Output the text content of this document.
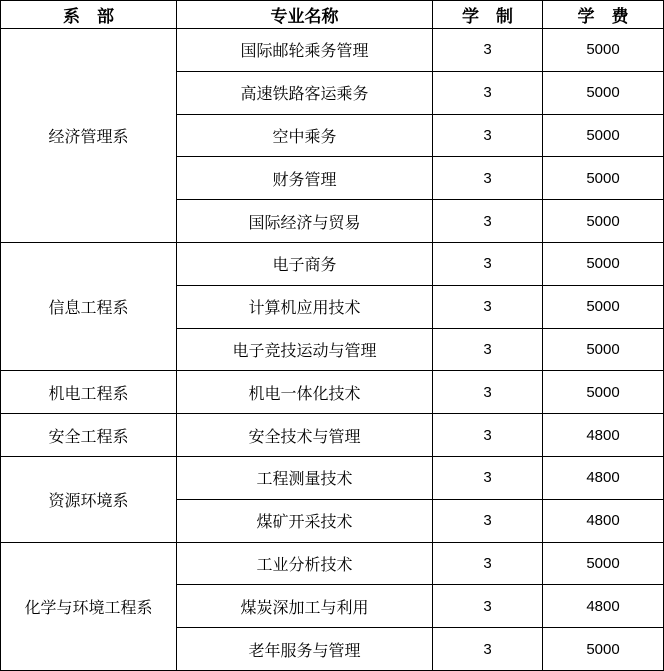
系　部	专业名称	学　制	学　费
经济管理系	国际邮轮乘务管理	3	5000
	高速铁路客运乘务	3	5000
	空中乘务	3	5000
	财务管理	3	5000
	国际经济与贸易	3	5000
信息工程系	电子商务	3	5000
	计算机应用技术	3	5000
	电子竞技运动与管理	3	5000
机电工程系	机电一体化技术	3	5000
安全工程系	安全技术与管理	3	4800
资源环境系	工程测量技术	3	4800
	煤矿开采技术	3	4800
化学与环境工程系	工业分析技术	3	5000
	煤炭深加工与利用	3	4800
	老年服务与管理	3	5000
